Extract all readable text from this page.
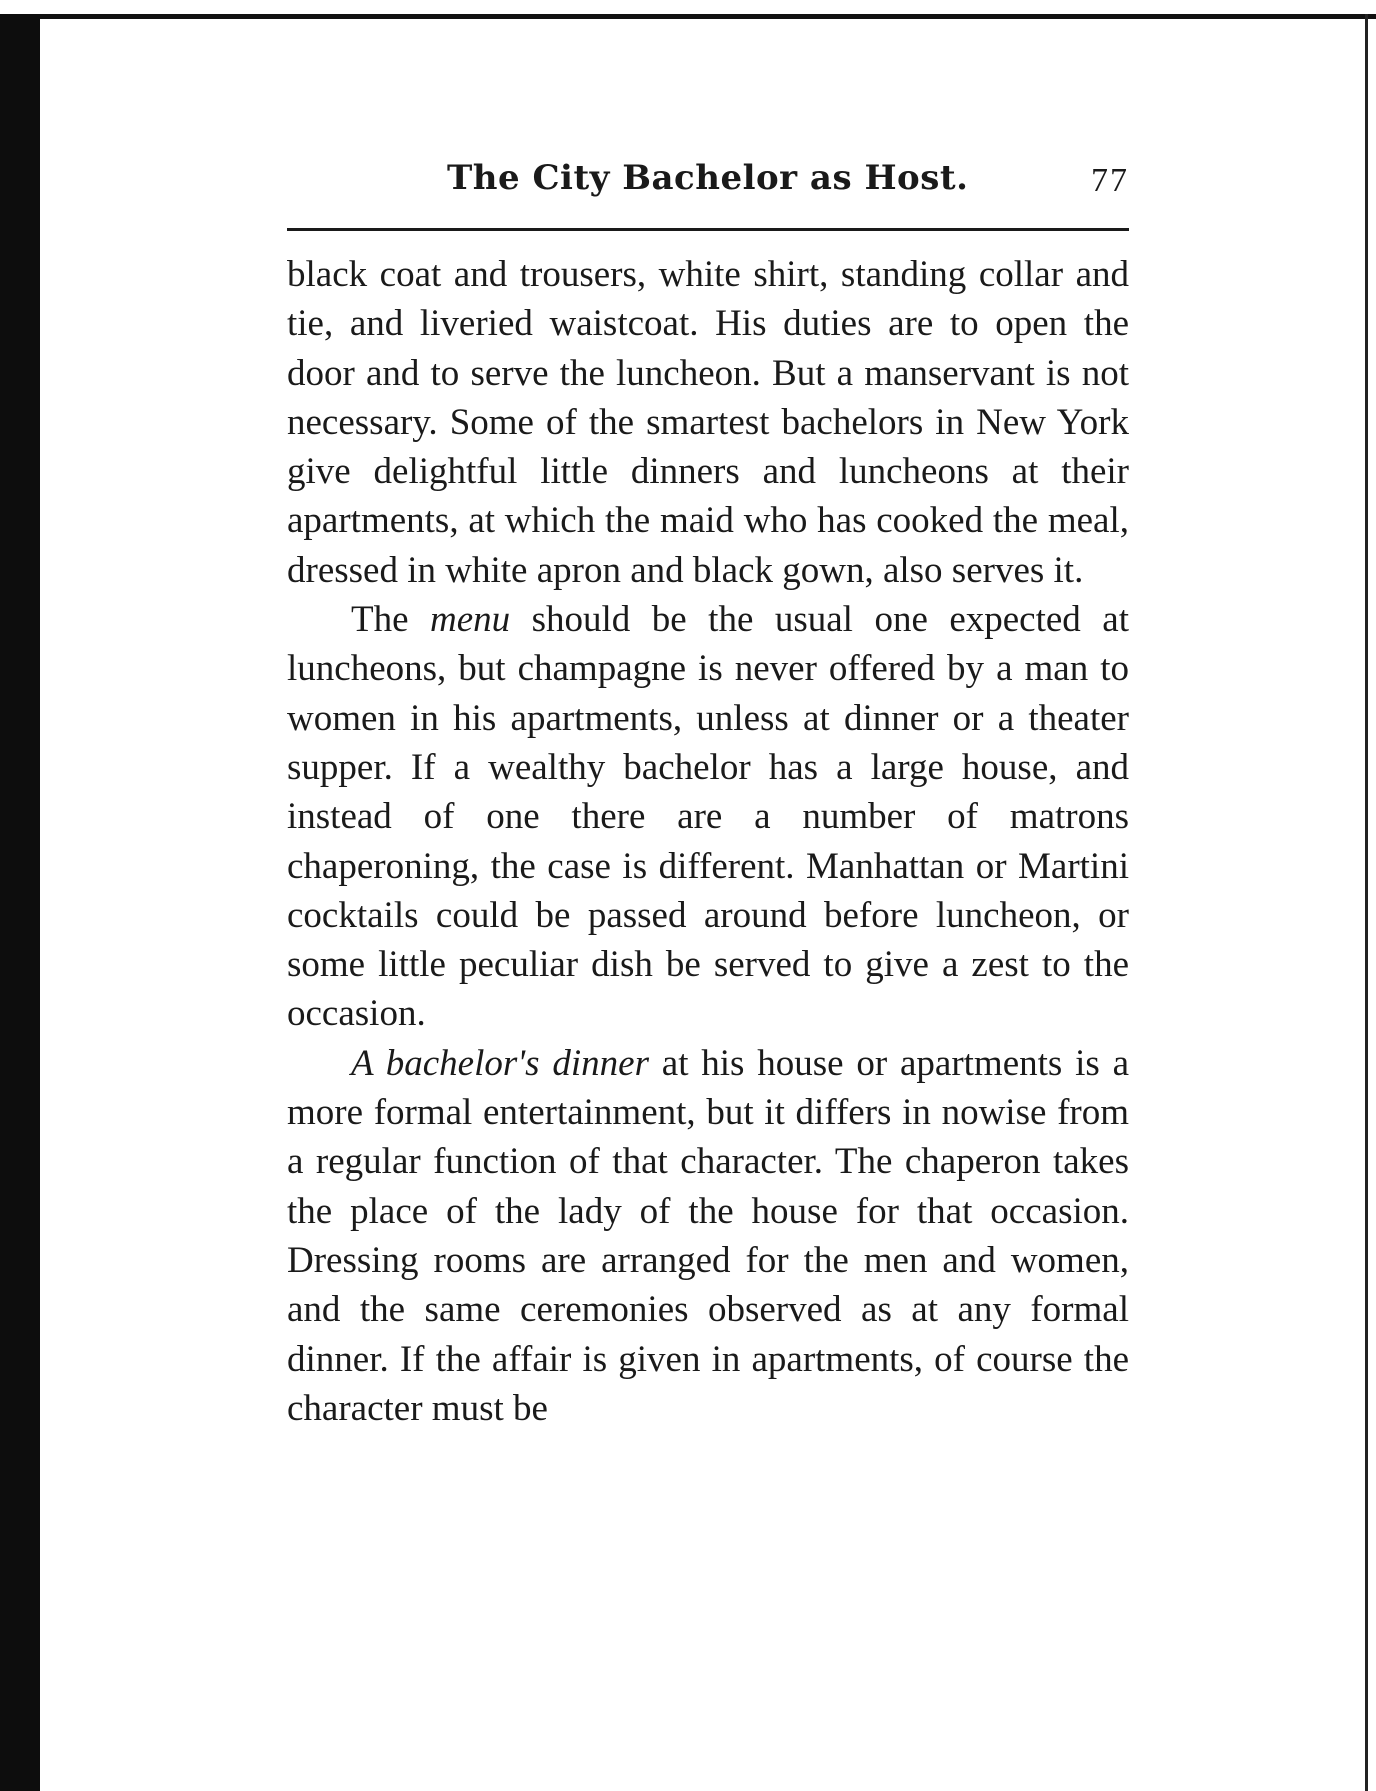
The City Bachelor as Host.	77

black coat and trousers, white shirt, standing collar and tie, and liveried waistcoat. His duties are to open the door and to serve the luncheon. But a manservant is not necessary. Some of the smartest bachelors in New York give delightful little dinners and luncheons at their apartments, at which the maid who has cooked the meal, dressed in white apron and black gown, also serves it.

The menu should be the usual one expected at luncheons, but champagne is never offered by a man to women in his apartments, unless at dinner or a theater supper. If a wealthy bachelor has a large house, and instead of one there are a number of matrons chaperoning, the case is different. Manhattan or Martini cocktails could be passed around before luncheon, or some little peculiar dish be served to give a zest to the occasion.

A bachelor's dinner at his house or apartments is a more formal entertainment, but it differs in nowise from a regular function of that character. The chaperon takes the place of the lady of the house for that occasion. Dressing rooms are arranged for the men and women, and the same ceremonies observed as at any formal dinner. If the affair is given in apartments, of course the character must be
